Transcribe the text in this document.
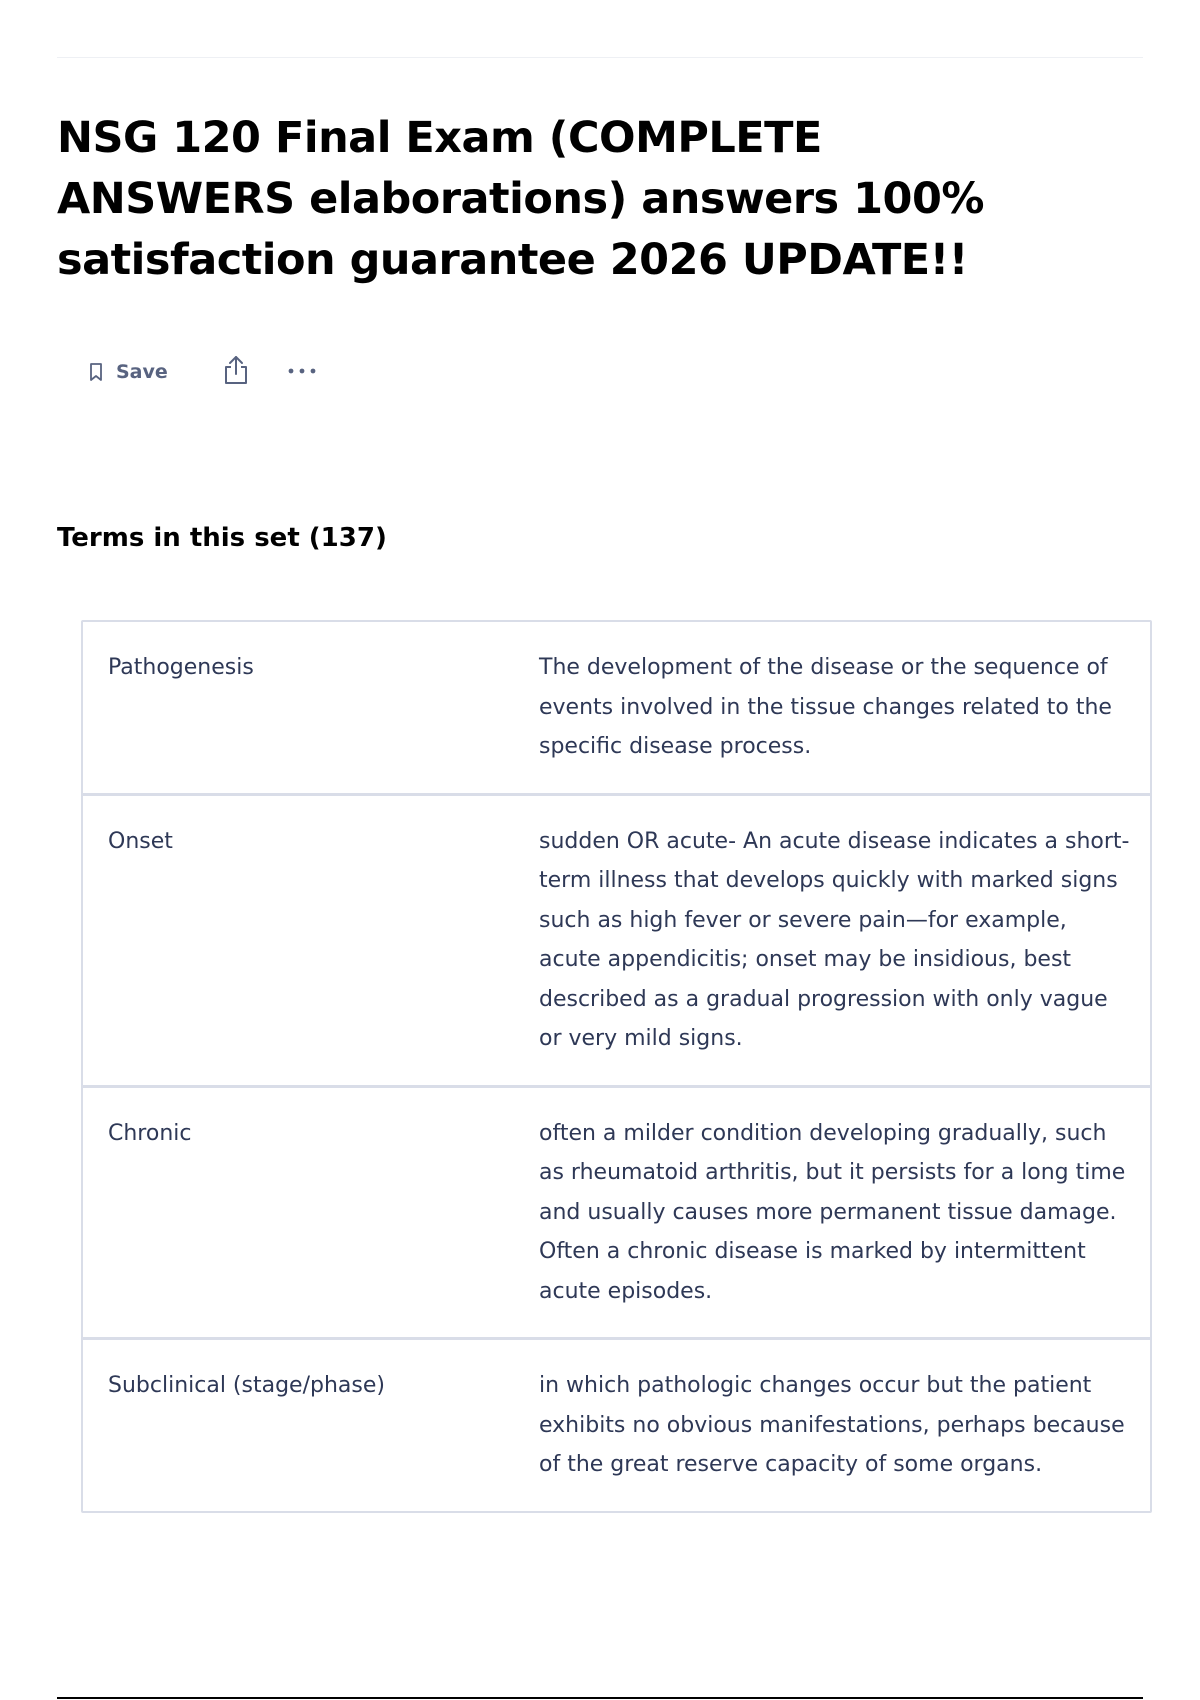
NSG 120 Final Exam (COMPLETE ANSWERS elaborations) answers 100% satisfaction guarantee 2026 UPDATE!!
Save
Terms in this set (137)
Pathogenesis	The development of the disease or the sequence of events involved in the tissue changes related to the specific disease process.
Onset	sudden OR acute- An acute disease indicates a short-term illness that develops quickly with marked signs such as high fever or severe pain—for example, acute appendicitis; onset may be insidious, best described as a gradual progression with only vague or very mild signs.
Chronic	often a milder condition developing gradually, such as rheumatoid arthritis, but it persists for a long time and usually causes more permanent tissue damage. Often a chronic disease is marked by intermittent acute episodes.
Subclinical (stage/phase)	in which pathologic changes occur but the patient exhibits no obvious manifestations, perhaps because of the great reserve capacity of some organs.
